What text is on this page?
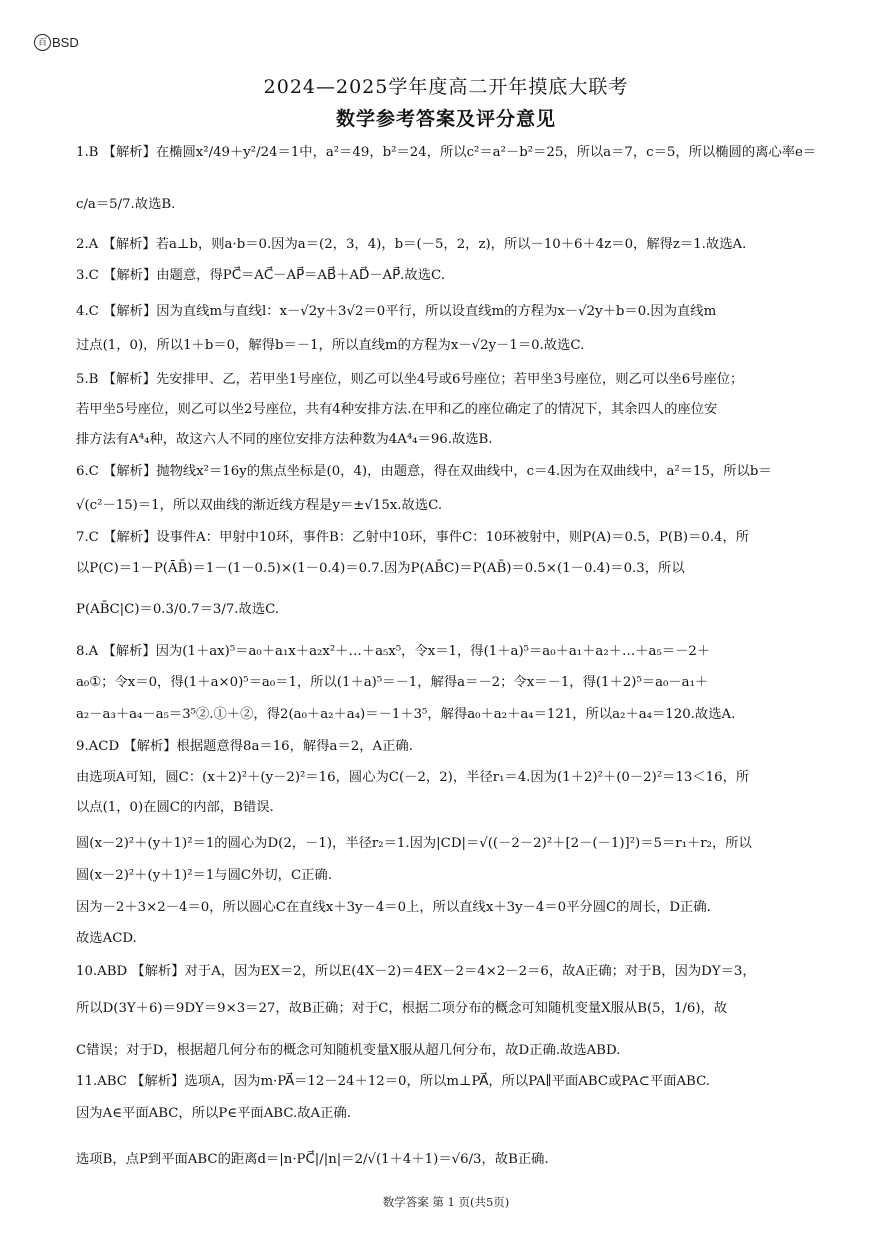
百 BSD
2024—2025学年度高二开年摸底大联考
数学参考答案及评分意见
1.B 【解析】在椭圆x²/49＋y²/24＝1中，a²＝49，b²＝24，所以c²＝a²－b²＝25，所以a＝7，c＝5，所以椭圆的离心率e＝
c/a＝5/7.故选B.
2.A 【解析】若a⊥b，则a·b＝0.因为a＝(2，3，4)，b＝(－5，2，z)，所以－10＋6＋4z＝0，解得z＝1.故选A.
3.C 【解析】由题意，得PC⃗＝AC⃗－AP⃗＝AB⃗＋AD⃗－AP⃗.故选C.
4.C 【解析】因为直线m与直线l：x－√2y＋3√2＝0平行，所以设直线m的方程为x－√2y＋b＝0.因为直线m
过点(1，0)，所以1＋b＝0，解得b＝－1，所以直线m的方程为x－√2y－1＝0.故选C.
5.B 【解析】先安排甲、乙，若甲坐1号座位，则乙可以坐4号或6号座位；若甲坐3号座位，则乙可以坐6号座位；
若甲坐5号座位，则乙可以坐2号座位，共有4种安排方法.在甲和乙的座位确定了的情况下，其余四人的座位安
排方法有A⁴₄种，故这六人不同的座位安排方法种数为4A⁴₄＝96.故选B.
6.C 【解析】抛物线x²＝16y的焦点坐标是(0，4)，由题意，得在双曲线中，c＝4.因为在双曲线中，a²＝15，所以b＝
√(c²－15)＝1，所以双曲线的渐近线方程是y＝±√15x.故选C.
7.C 【解析】设事件A：甲射中10环，事件B：乙射中10环，事件C：10环被射中，则P(A)＝0.5，P(B)＝0.4，所
以P(C)＝1－P(ĀB̄)＝1－(1－0.5)×(1－0.4)＝0.7.因为P(AB̄C)＝P(AB̄)＝0.5×(1－0.4)＝0.3，所以
P(AB̄C|C)＝0.3/0.7＝3/7.故选C.
8.A 【解析】因为(1＋ax)⁵＝a₀＋a₁x＋a₂x²＋…＋a₅x⁵，令x＝1，得(1＋a)⁵＝a₀＋a₁＋a₂＋…＋a₅＝－2＋
a₀①；令x＝0，得(1＋a×0)⁵＝a₀＝1，所以(1＋a)⁵＝－1，解得a＝－2；令x＝－1，得(1＋2)⁵＝a₀－a₁＋
a₂－a₃＋a₄－a₅＝3⁵②.①＋②，得2(a₀＋a₂＋a₄)＝－1＋3⁵，解得a₀＋a₂＋a₄＝121，所以a₂＋a₄＝120.故选A.
9.ACD 【解析】根据题意得8a＝16，解得a＝2，A正确.
由选项A可知，圆C：(x＋2)²＋(y－2)²＝16，圆心为C(－2，2)，半径r₁＝4.因为(1＋2)²＋(0－2)²＝13＜16，所
以点(1，0)在圆C的内部，B错误.
圆(x－2)²＋(y＋1)²＝1的圆心为D(2，－1)，半径r₂＝1.因为|CD|＝√((－2－2)²＋[2－(－1)]²)＝5＝r₁＋r₂，所以
圆(x－2)²＋(y＋1)²＝1与圆C外切，C正确.
因为－2＋3×2－4＝0，所以圆心C在直线x＋3y－4＝0上，所以直线x＋3y－4＝0平分圆C的周长，D正确.
故选ACD.
10.ABD 【解析】对于A，因为EX＝2，所以E(4X－2)＝4EX－2＝4×2－2＝6，故A正确；对于B，因为DY＝3，
所以D(3Y＋6)＝9DY＝9×3＝27，故B正确；对于C，根据二项分布的概念可知随机变量X服从B(5，1/6)，故
C错误；对于D，根据超几何分布的概念可知随机变量X服从超几何分布，故D正确.故选ABD.
11.ABC 【解析】选项A，因为m·PA⃗＝12－24＋12＝0，所以m⊥PA⃗，所以PA∥平面ABC或PA⊂平面ABC.
因为A∈平面ABC，所以P∈平面ABC.故A正确.
选项B，点P到平面ABC的距离d＝|n·PC⃗|/|n|＝2/√(1＋4＋1)＝√6/3，故B正确.
数学答案 第 1 页(共5页)
